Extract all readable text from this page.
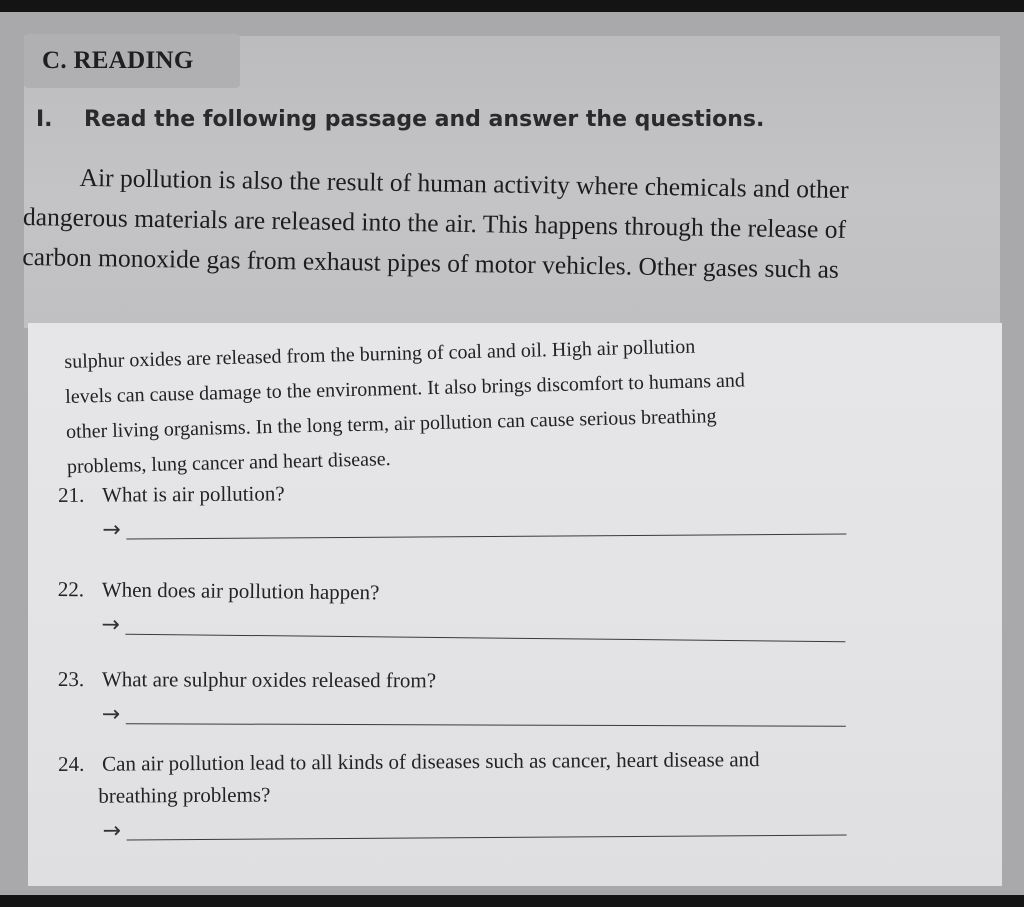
C. READING
I. Read the following passage and answer the questions.
Air pollution is also the result of human activity where chemicals and other
dangerous materials are released into the air. This happens through the release of
carbon monoxide gas from exhaust pipes of motor vehicles. Other gases such as
sulphur oxides are released from the burning of coal and oil. High air pollution
levels can cause damage to the environment. It also brings discomfort to humans and
other living organisms. In the long term, air pollution can cause serious breathing
problems, lung cancer and heart disease.
21. What is air pollution?
→
22. When does air pollution happen?
→
23. What are sulphur oxides released from?
→
24. Can air pollution lead to all kinds of diseases such as cancer, heart disease and
breathing problems?
→
